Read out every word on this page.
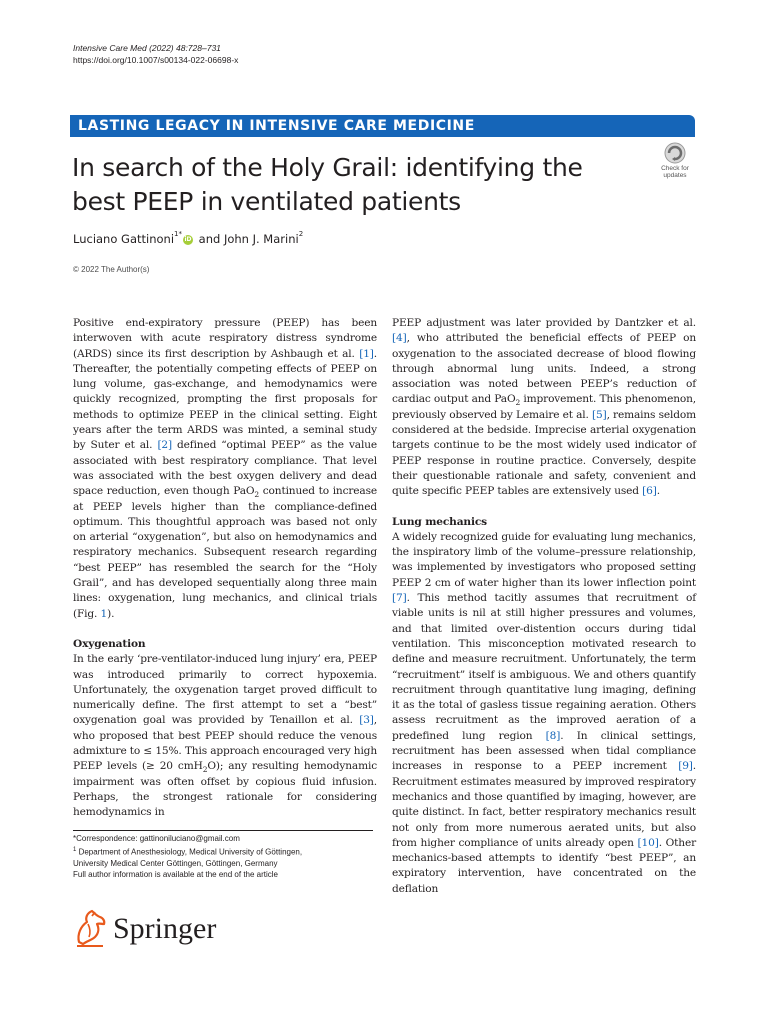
Intensive Care Med (2022) 48:728–731
https://doi.org/10.1007/s00134-022-06698-x
LASTING LEGACY IN INTENSIVE CARE MEDICINE
In search of the Holy Grail: identifying the
best PEEP in ventilated patients
Check for
updates
Luciano Gattinoni$^{1*}$iD and John J. Marini$^2$
© 2022 The Author(s)

Positive end-expiratory pressure (PEEP) has been interwoven with acute respiratory distress syndrome (ARDS) since its first description by Ashbaugh et al. [1]. Thereafter, the potentially competing effects of PEEP on lung volume, gas-exchange, and hemodynamics were quickly recognized, prompting the first proposals for methods to optimize PEEP in the clinical setting. Eight years after the term ARDS was minted, a seminal study by Suter et al. [2] defined “optimal PEEP” as the value associated with best respiratory compliance. That level was associated with the best oxygen delivery and dead space reduction, even though PaO$_2$ continued to increase at PEEP levels higher than the compliance-defined optimum. This thoughtful approach was based not only on arterial “oxygenation”, but also on hemodynamics and respiratory mechanics. Subsequent research regarding “best PEEP” has resembled the search for the “Holy Grail”, and has developed sequentially along three main lines: oxygenation, lung mechanics, and clinical trials (Fig. 1).

Oxygenation

In the early ‘pre-ventilator-induced lung injury’ era, PEEP was introduced primarily to correct hypoxemia. Unfortunately, the oxygenation target proved difficult to numerically define. The first attempt to set a “best” oxygenation goal was provided by Tenaillon et al. [3], who proposed that best PEEP should reduce the venous admixture to ≤ 15%. This approach encouraged very high PEEP levels (≥ 20 cmH$_2$O); any resulting hemodynamic impairment was often offset by copious fluid infusion. Perhaps, the strongest rationale for considering hemodynamics in

PEEP adjustment was later provided by Dantzker et al. [4], who attributed the beneficial effects of PEEP on oxygenation to the associated decrease of blood flowing through abnormal lung units. Indeed, a strong association was noted between PEEP’s reduction of cardiac output and PaO$_2$ improvement. This phenomenon, previously observed by Lemaire et al. [5], remains seldom considered at the bedside. Imprecise arterial oxygenation targets continue to be the most widely used indicator of PEEP response in routine practice. Conversely, despite their questionable rationale and safety, convenient and quite specific PEEP tables are extensively used [6].

Lung mechanics

A widely recognized guide for evaluating lung mechanics, the inspiratory limb of the volume–pressure relationship, was implemented by investigators who proposed setting PEEP 2 cm of water higher than its lower inflection point [7]. This method tacitly assumes that recruitment of viable units is nil at still higher pressures and volumes, and that limited over-distention occurs during tidal ventilation. This misconception motivated research to define and measure recruitment. Unfortunately, the term “recruitment” itself is ambiguous. We and others quantify recruitment through quantitative lung imaging, defining it as the total of gasless tissue regaining aeration. Others assess recruitment as the improved aeration of a predefined lung region [8]. In clinical settings, recruitment has been assessed when tidal compliance increases in response to a PEEP increment [9]. Recruitment estimates measured by improved respiratory mechanics and those quantified by imaging, however, are quite distinct. In fact, better respiratory mechanics result not only from more numerous aerated units, but also from higher compliance of units already open [10]. Other mechanics-based attempts to identify “best PEEP”, an expiratory intervention, have concentrated on the deflation

*Correspondence: gattinoniluciano@gmail.com
$^1$ Department of Anesthesiology, Medical University of Göttingen,
University Medical Center Göttingen, Göttingen, Germany
Full author information is available at the end of the article
Springer
